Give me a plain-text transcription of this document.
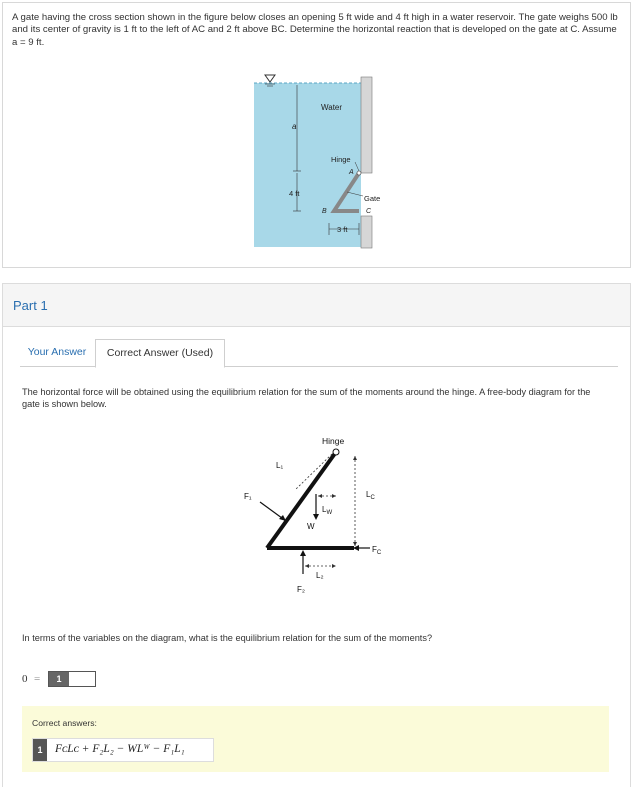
A gate having the cross section shown in the figure below closes an opening 5 ft wide and 4 ft high in a water reservoir. The gate weighs 500 lb and its center of gravity is 1 ft to the left of AC and 2 ft above BC. Determine the horizontal reaction that is developed on the gate at C. Assume a = 9 ft.
Water
a
Hinge
A
B	C
Gate
4 ft
3 ft
Part 1
Your Answer	Correct Answer (Used)
The horizontal force will be obtained using the equilibrium relation for the sum of the moments around the hinge. A free-body diagram for the gate is shown below.
Hinge
L₁
F₁
W
$L_W$
$L_C$
$F_C$
L₂
F₂
In terms of the variables on the diagram, what is the equilibrium relation for the sum of the moments?
0 =	1
Correct answers:
1	FᴄLᴄ + F₂L₂ − WLᵂ − F₁L₁
